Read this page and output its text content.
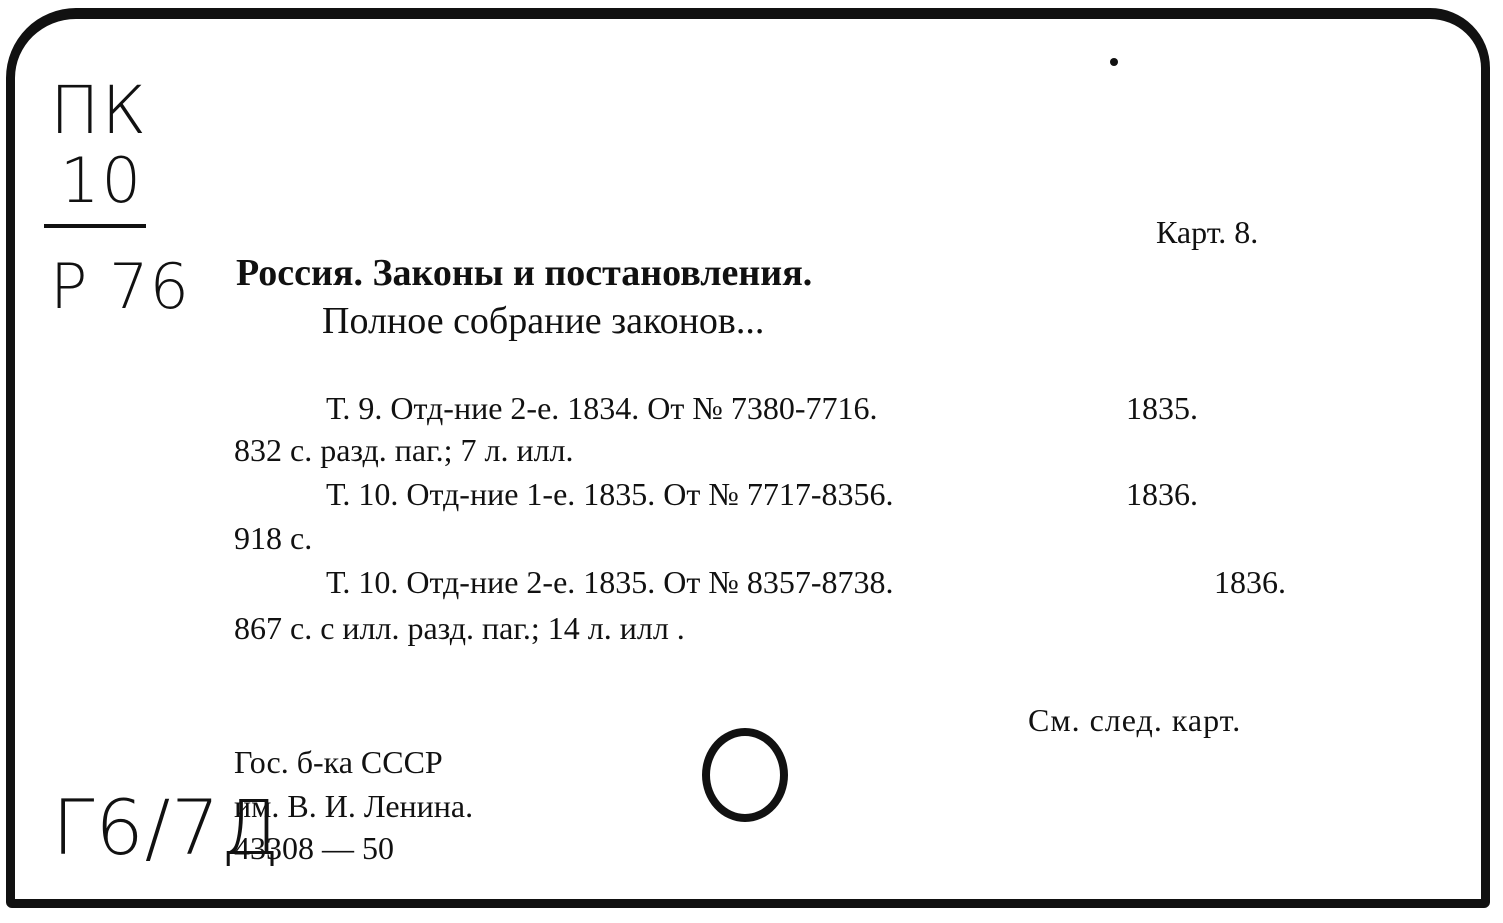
ПК
10
Р 76
Г6/7Д
Карт. 8.
Россия. Законы и постановления.
Полное собрание законов...
Т. 9. Отд-ние 2-е. 1834. От № 7380-7716.	1835.
832 с. разд. паг.; 7 л. илл.
Т. 10. Отд-ние 1-е. 1835. От № 7717-8356.	1836.
918 с.
Т. 10. Отд-ние 2-е. 1835. От № 8357-8738.	1836.
867 с. с илл. разд. паг.; 14 л. илл .
См. след. карт.
Гос. б-ка СССР
им. В. И. Ленина.
43308 — 50
